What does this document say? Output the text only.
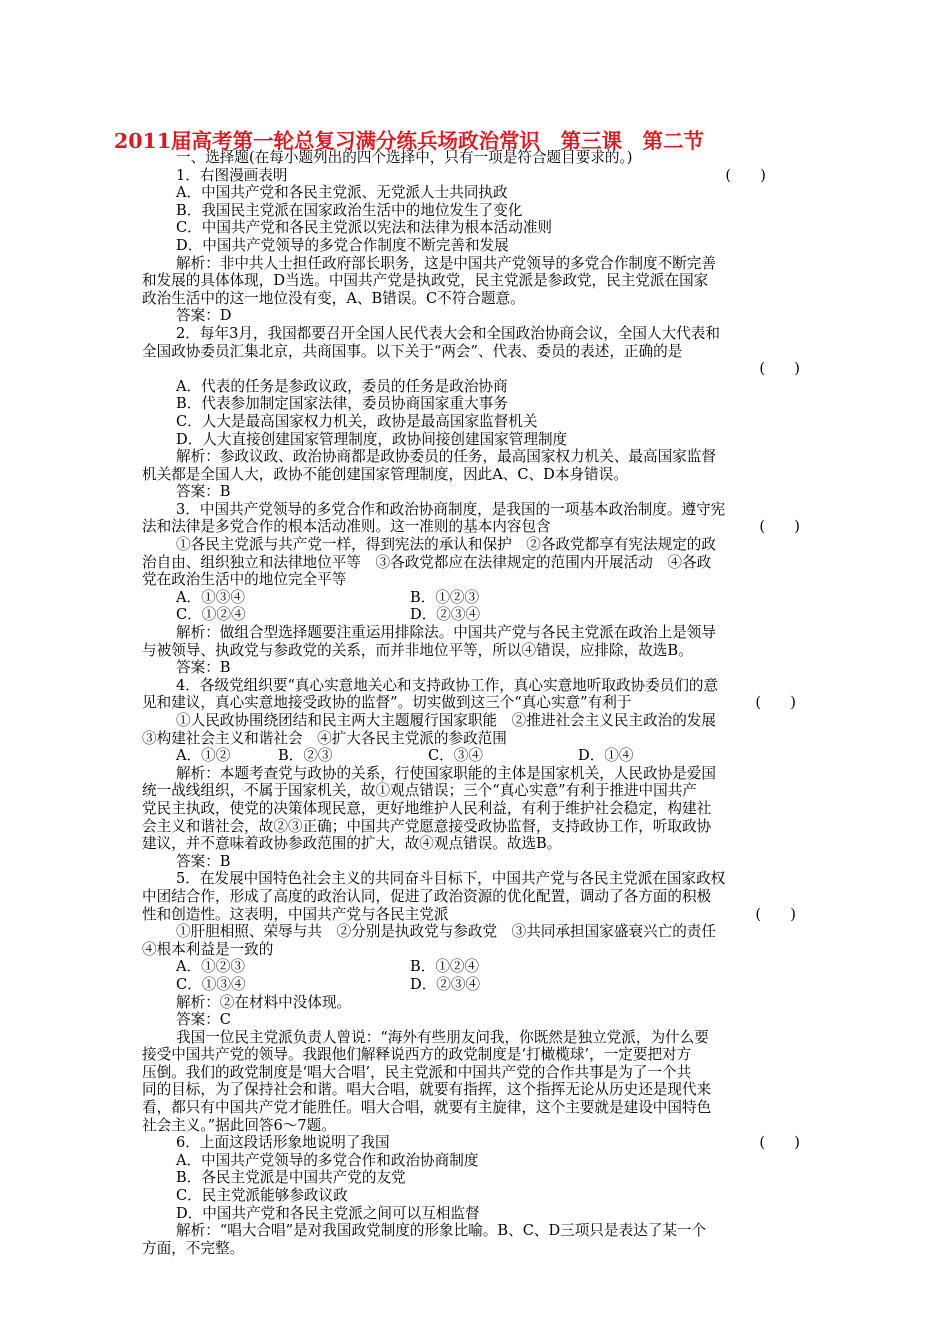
2011届高考第一轮总复习满分练兵场政治常识　第三课　第二节
一、选择题(在每小题列出的四个选择中，只有一项是符合题目要求的。)
1．右图漫画表明	(　　)
A．中国共产党和各民主党派、无党派人士共同执政
B．我国民主党派在国家政治生活中的地位发生了变化
C．中国共产党和各民主党派以宪法和法律为根本活动准则
D．中国共产党领导的多党合作制度不断完善和发展
解析：非中共人士担任政府部长职务，这是中国共产党领导的多党合作制度不断完善
和发展的具体体现，D当选。中国共产党是执政党，民主党派是参政党，民主党派在国家
政治生活中的这一地位没有变，A、B错误。C不符合题意。
答案：D
2．每年3月，我国都要召开全国人民代表大会和全国政治协商会议，全国人大代表和
全国政协委员汇集北京，共商国事。以下关于“两会”、代表、委员的表述，正确的是
(　　)
A．代表的任务是参政议政，委员的任务是政治协商
B．代表参加制定国家法律，委员协商国家重大事务
C．人大是最高国家权力机关，政协是最高国家监督机关
D．人大直接创建国家管理制度，政协间接创建国家管理制度
解析：参政议政、政治协商都是政协委员的任务，最高国家权力机关、最高国家监督
机关都是全国人大，政协不能创建国家管理制度，因此A、C、D本身错误。
答案：B
3．中国共产党领导的多党合作和政治协商制度，是我国的一项基本政治制度。遵守宪
法和法律是多党合作的根本活动准则。这一准则的基本内容包含	(　　)
①各民主党派与共产党一样，得到宪法的承认和保护　②各政党都享有宪法规定的政
治自由、组织独立和法律地位平等　③各政党都应在法律规定的范围内开展活动　④各政
党在政治生活中的地位完全平等
A．①③④	B．①②③
C．①②④	D．②③④
解析：做组合型选择题要注重运用排除法。中国共产党与各民主党派在政治上是领导
与被领导、执政党与参政党的关系，而并非地位平等，所以④错误，应排除，故选B。
答案：B
4．各级党组织要“真心实意地关心和支持政协工作，真心实意地听取政协委员们的意
见和建议，真心实意地接受政协的监督”。切实做到这三个“真心实意”有利于	(　　)
①人民政协围绕团结和民主两大主题履行国家职能　②推进社会主义民主政治的发展
③构建社会主义和谐社会　④扩大各民主党派的参政范围
A．①②	B．②③	C．③④	D．①④
解析：本题考查党与政协的关系，行使国家职能的主体是国家机关，人民政协是爱国
统一战线组织，不属于国家机关，故①观点错误；三个“真心实意”有利于推进中国共产
党民主执政，使党的决策体现民意，更好地维护人民利益，有利于维护社会稳定，构建社
会主义和谐社会，故②③正确；中国共产党愿意接受政协监督，支持政协工作，听取政协
建议，并不意味着政协参政范围的扩大，故④观点错误。故选B。
答案：B
5．在发展中国特色社会主义的共同奋斗目标下，中国共产党与各民主党派在国家政权
中团结合作，形成了高度的政治认同，促进了政治资源的优化配置，调动了各方面的积极
性和创造性。这表明，中国共产党与各民主党派	(　　)
①肝胆相照、荣辱与共　②分别是执政党与参政党　③共同承担国家盛衰兴亡的责任
④根本利益是一致的
A．①②③	B．①②④
C．①③④	D．②③④
解析：②在材料中没体现。
答案：C
我国一位民主党派负责人曾说：“海外有些朋友问我，你既然是独立党派，为什么要
接受中国共产党的领导。我跟他们解释说西方的政党制度是‘打橄榄球’，一定要把对方
压倒。我们的政党制度是‘唱大合唱’，民主党派和中国共产党的合作共事是为了一个共
同的目标，为了保持社会和谐。唱大合唱，就要有指挥，这个指挥无论从历史还是现代来
看，都只有中国共产党才能胜任。唱大合唱，就要有主旋律，这个主要就是建设中国特色
社会主义。”据此回答6～7题。
6．上面这段话形象地说明了我国	(　　)
A．中国共产党领导的多党合作和政治协商制度
B．各民主党派是中国共产党的友党
C．民主党派能够参政议政
D．中国共产党和各民主党派之间可以互相监督
解析：“唱大合唱”是对我国政党制度的形象比喻。B、C、D三项只是表达了某一个
方面，不完整。
